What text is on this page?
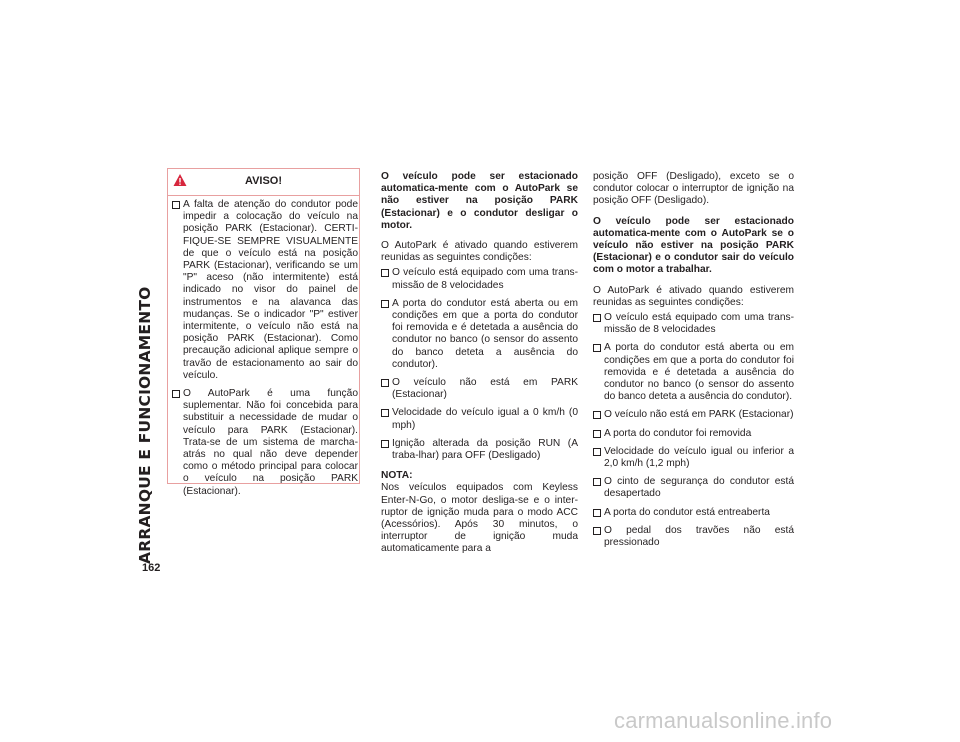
ARRANQUE E FUNCIONAMENTO
162
AVISO!
A falta de atenção do condutor pode impedir a colocação do veículo na posição PARK (Estacionar). CERTI-FIQUE-SE SEMPRE VISUALMENTE de que o veículo está na posição PARK (Estacionar), verificando se um "P" aceso (não intermitente) está indicado no visor do painel de instrumentos e na alavanca das mudanças. Se o indicador "P" estiver intermitente, o veículo não está na posição PARK (Estacionar). Como precaução adicional aplique sempre o travão de estacionamento ao sair do veículo.
O AutoPark é uma função suplementar. Não foi concebida para substituir a necessidade de mudar o veículo para PARK (Estacionar). Trata-se de um sistema de marcha-atrás no qual não deve depender como o método principal para colocar o veículo na posição PARK (Estacionar).

O veículo pode ser estacionado automatica-mente com o AutoPark se não estiver na posição PARK (Estacionar) e o condutor desligar o motor.

O AutoPark é ativado quando estiverem reunidas as seguintes condições:

O veículo está equipado com uma trans-missão de 8 velocidades
A porta do condutor está aberta ou em condições em que a porta do condutor foi removida e é detetada a ausência do condutor no banco (o sensor do assento do banco deteta a ausência do condutor).
O veículo não está em PARK (Estacionar)
Velocidade do veículo igual a 0 km/h (0 mph)
Ignição alterada da posição RUN (A traba-lhar) para OFF (Desligado)

NOTA:
Nos veículos equipados com Keyless Enter-N-Go, o motor desliga-se e o inter-ruptor de ignição muda para o modo ACC (Acessórios). Após 30 minutos, o interruptor de ignição muda automaticamente para a

posição OFF (Desligado), exceto se o condutor colocar o interruptor de ignição na posição OFF (Desligado).

O veículo pode ser estacionado automatica-mente com o AutoPark se o veículo não estiver na posição PARK (Estacionar) e o condutor sair do veículo com o motor a trabalhar.

O AutoPark é ativado quando estiverem reunidas as seguintes condições:

O veículo está equipado com uma trans-missão de 8 velocidades
A porta do condutor está aberta ou em condições em que a porta do condutor foi removida e é detetada a ausência do condutor no banco (o sensor do assento do banco deteta a ausência do condutor).
O veículo não está em PARK (Estacionar)
A porta do condutor foi removida
Velocidade do veículo igual ou inferior a 2,0 km/h (1,2 mph)
O cinto de segurança do condutor está desapertado
A porta do condutor está entreaberta
O pedal dos travões não está pressionado
carmanualsonline.info
